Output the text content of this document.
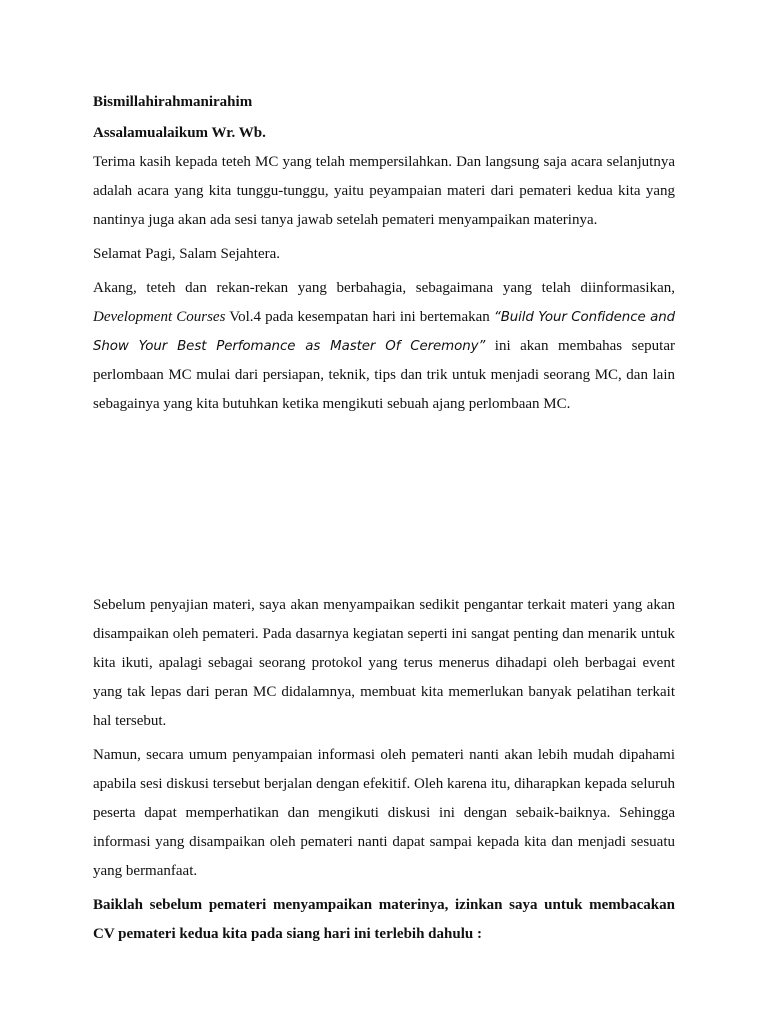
Bismillahirahmanirahim

Assalamualaikum Wr. Wb.

Terima kasih kepada teteh MC yang telah mempersilahkan. Dan langsung saja acara selanjutnya adalah acara yang kita tunggu-tunggu, yaitu peyampaian materi dari pemateri kedua kita yang nantinya juga akan ada sesi tanya jawab setelah pemateri menyampaikan materinya.

Selamat Pagi, Salam Sejahtera.

Akang, teteh dan rekan-rekan yang berbahagia, sebagaimana yang telah diinformasikan, Development Courses Vol.4 pada kesempatan hari ini bertemakan “Build Your Confidence and Show Your Best Perfomance as Master Of Ceremony” ini akan membahas seputar perlombaan MC mulai dari persiapan, teknik, tips dan trik untuk menjadi seorang MC, dan lain sebagainya yang kita butuhkan ketika mengikuti sebuah ajang perlombaan MC.

Sebelum penyajian materi, saya akan menyampaikan sedikit pengantar terkait materi yang akan disampaikan oleh pemateri. Pada dasarnya kegiatan seperti ini sangat penting dan menarik untuk kita ikuti, apalagi sebagai seorang protokol yang terus menerus dihadapi oleh berbagai event yang tak lepas dari peran MC didalamnya, membuat kita memerlukan banyak pelatihan terkait hal tersebut.

Namun, secara umum penyampaian informasi oleh pemateri nanti akan lebih mudah dipahami apabila sesi diskusi tersebut berjalan dengan efekitif. Oleh karena itu, diharapkan kepada seluruh peserta dapat memperhatikan dan mengikuti diskusi ini dengan sebaik-baiknya. Sehingga informasi yang disampaikan oleh pemateri nanti dapat sampai kepada kita dan menjadi sesuatu yang bermanfaat.

Baiklah sebelum pemateri menyampaikan materinya, izinkan saya untuk membacakan CV pemateri kedua kita pada siang hari ini terlebih dahulu :
